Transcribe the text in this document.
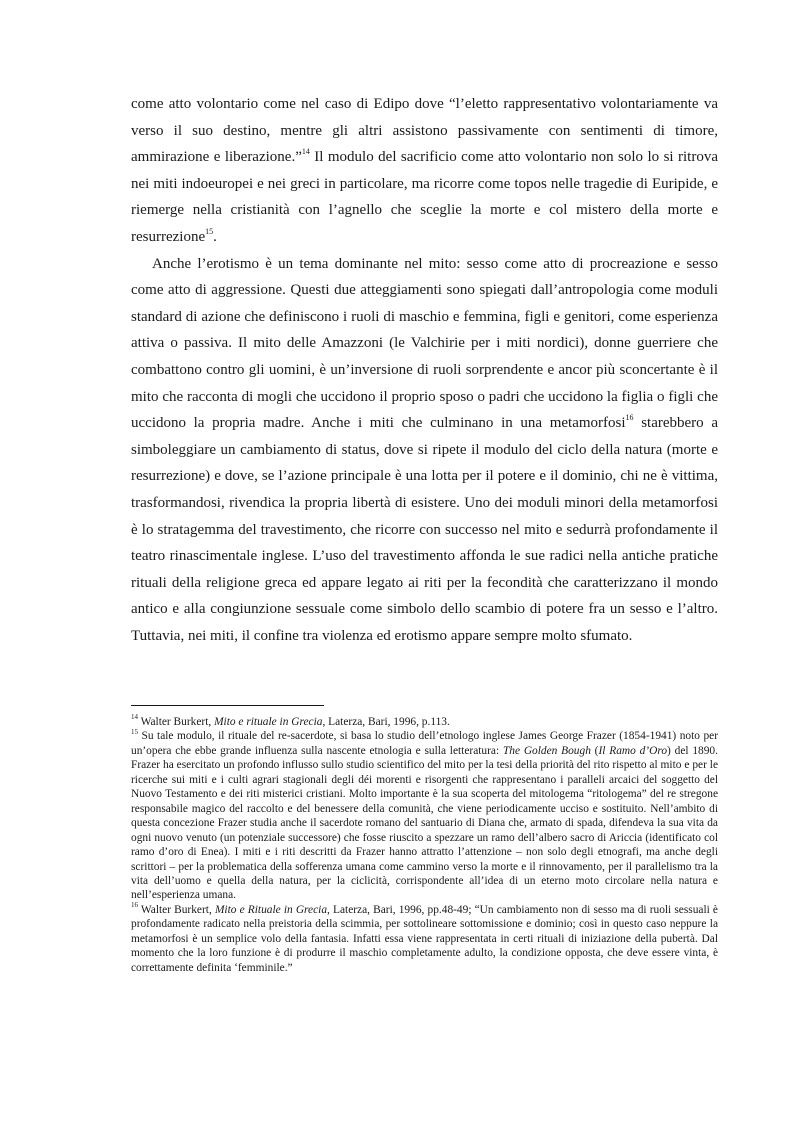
come atto volontario come nel caso di Edipo dove “l’eletto rappresentativo volontariamente va verso il suo destino, mentre gli altri assistono passivamente con sentimenti di timore, ammirazione e liberazione.”$^{14}$ Il modulo del sacrificio come atto volontario non solo lo si ritrova nei miti indoeuropei e nei greci in particolare, ma ricorre come topos nelle tragedie di Euripide, e riemerge nella cristianità con l’agnello che sceglie la morte e col mistero della morte e resurrezione$^{15}$.

Anche l’erotismo è un tema dominante nel mito: sesso come atto di procreazione e sesso come atto di aggressione. Questi due atteggiamenti sono spiegati dall’antropologia come moduli standard di azione che definiscono i ruoli di maschio e femmina, figli e genitori, come esperienza attiva o passiva. Il mito delle Amazzoni (le Valchirie per i miti nordici), donne guerriere che combattono contro gli uomini, è un’inversione di ruoli sorprendente e ancor più sconcertante è il mito che racconta di mogli che uccidono il proprio sposo o padri che uccidono la figlia o figli che uccidono la propria madre. Anche i miti che culminano in una metamorfosi$^{16}$ starebbero a simboleggiare un cambiamento di status, dove si ripete il modulo del ciclo della natura (morte e resurrezione) e dove, se l’azione principale è una lotta per il potere e il dominio, chi ne è vittima, trasformandosi, rivendica la propria libertà di esistere. Uno dei moduli minori della metamorfosi è lo stratagemma del travestimento, che ricorre con successo nel mito e sedurrà profondamente il teatro rinascimentale inglese. L’uso del travestimento affonda le sue radici nella antiche pratiche rituali della religione greca ed appare legato ai riti per la fecondità che caratterizzano il mondo antico e alla congiunzione sessuale come simbolo dello scambio di potere fra un sesso e l’altro. Tuttavia, nei miti, il confine tra violenza ed erotismo appare sempre molto sfumato.

$^{14}$ Walter Burkert, Mito e rituale in Grecia, Laterza, Bari, 1996, p.113.

$^{15}$ Su tale modulo, il rituale del re-sacerdote, si basa lo studio dell’etnologo inglese James George Frazer (1854-1941) noto per un’opera che ebbe grande influenza sulla nascente etnologia e sulla letteratura: The Golden Bough (Il Ramo d’Oro) del 1890. Frazer ha esercitato un profondo influsso sullo studio scientifico del mito per la tesi della priorità del rito rispetto al mito e per le ricerche sui miti e i culti agrari stagionali degli déi morenti e risorgenti che rappresentano i paralleli arcaici del soggetto del Nuovo Testamento e dei riti misterici cristiani. Molto importante è la sua scoperta del mitologema “ritologema” del re stregone responsabile magico del raccolto e del benessere della comunità, che viene periodicamente ucciso e sostituito. Nell’ambito di questa concezione Frazer studia anche il sacerdote romano del santuario di Diana che, armato di spada, difendeva la sua vita da ogni nuovo venuto (un potenziale successore) che fosse riuscito a spezzare un ramo dell’albero sacro di Ariccia (identificato col ramo d’oro di Enea). I miti e i riti descritti da Frazer hanno attratto l’attenzione – non solo degli etnografi, ma anche degli scrittori – per la problematica della sofferenza umana come cammino verso la morte e il rinnovamento, per il parallelismo tra la vita dell’uomo e quella della natura, per la ciclicità, corrispondente all’idea di un eterno moto circolare nella natura e nell’esperienza umana.

$^{16}$ Walter Burkert, Mito e Rituale in Grecia, Laterza, Bari, 1996, pp.48-49; “Un cambiamento non di sesso ma di ruoli sessuali è profondamente radicato nella preistoria della scimmia, per sottolineare sottomissione e dominio; così in questo caso neppure la metamorfosi è un semplice volo della fantasia. Infatti essa viene rappresentata in certi rituali di iniziazione della pubertà. Dal momento che la loro funzione è di produrre il maschio completamente adulto, la condizione opposta, che deve essere vinta, è correttamente definita ‘femminile.”
